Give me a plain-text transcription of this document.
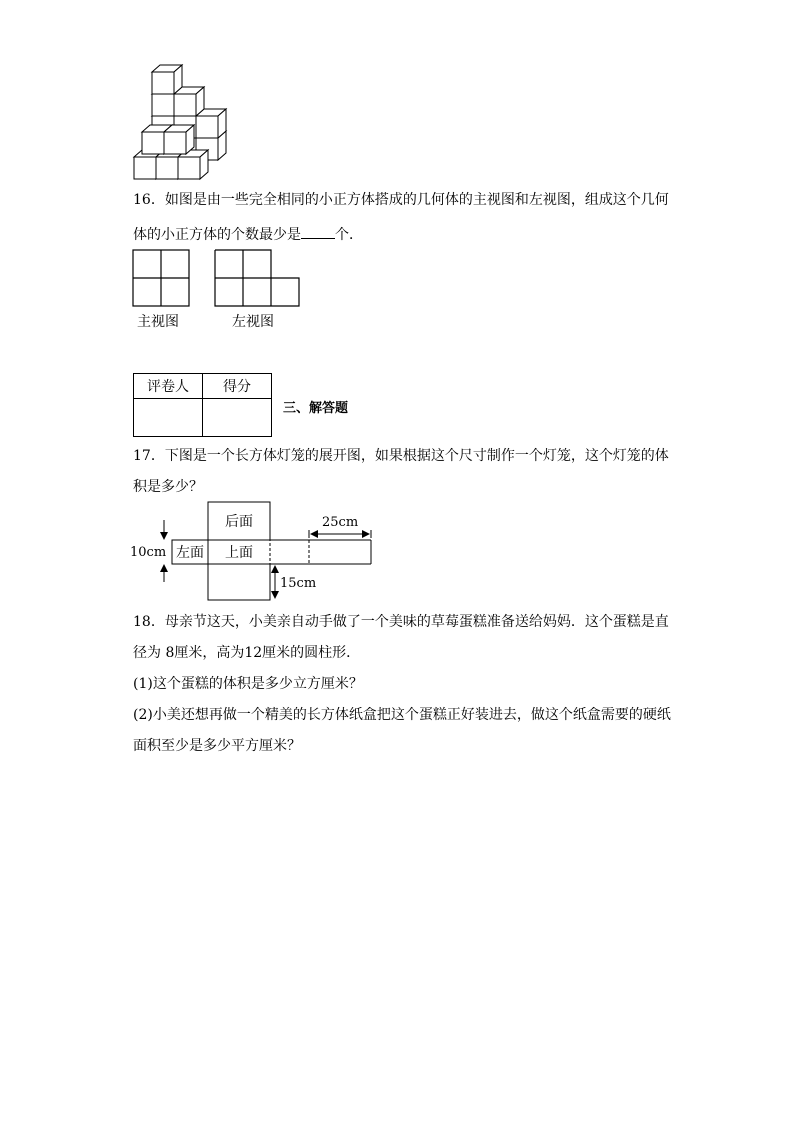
16．如图是由一些完全相同的小正方体搭成的几何体的主视图和左视图，组成这个几何
体的小正方体的个数最少是 个．
主视图	左视图
评卷人	得分

三、解答题
17．下图是一个长方体灯笼的展开图，如果根据这个尺寸制作一个灯笼，这个灯笼的体
积是多少？
后面
左面 上面
10cm
15cm
25cm
18．母亲节这天，小美亲自动手做了一个美味的草莓蛋糕准备送给妈妈．这个蛋糕是直
径为 8厘米，高为12厘米的圆柱形．
(1)这个蛋糕的体积是多少立方厘米？
(2)小美还想再做一个精美的长方体纸盒把这个蛋糕正好装进去，做这个纸盒需要的硬纸
面积至少是多少平方厘米？
